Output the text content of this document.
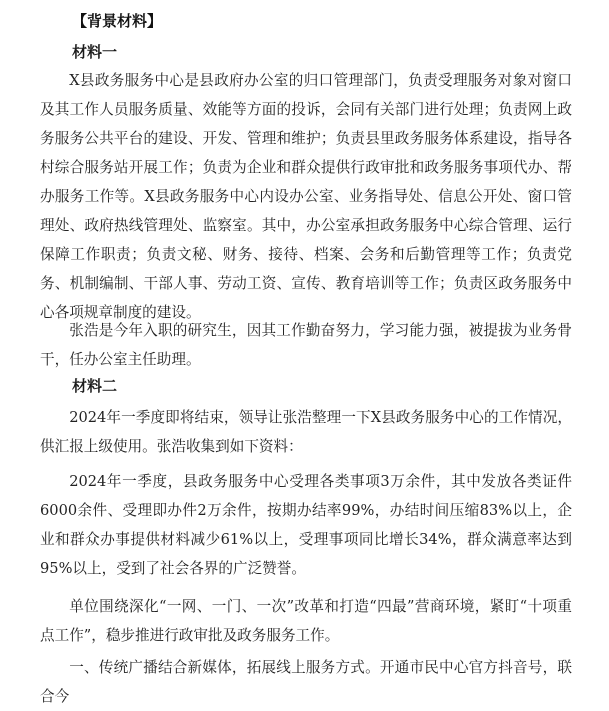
【背景材料】
材料一

X县政务服务中心是县政府办公室的归口管理部门，负责受理服务对象对窗口及其工作人员服务质量、效能等方面的投诉，会同有关部门进行处理；负责网上政务服务公共平台的建设、开发、管理和维护；负责县里政务服务体系建设，指导各村综合服务站开展工作；负责为企业和群众提供行政审批和政务服务事项代办、帮办服务工作等。X县政务服务中心内设办公室、业务指导处、信息公开处、窗口管理处、政府热线管理处、监察室。其中，办公室承担政务服务中心综合管理、运行保障工作职责；负责文秘、财务、接待、档案、会务和后勤管理等工作；负责党务、机制编制、干部人事、劳动工资、宣传、教育培训等工作；负责区政务服务中心各项规章制度的建设。

张浩是今年入职的研究生，因其工作勤奋努力，学习能力强，被提拔为业务骨干，任办公室主任助理。

材料二

2024年一季度即将结束，领导让张浩整理一下X县政务服务中心的工作情况，供汇报上级使用。张浩收集到如下资料：

2024年一季度，县政务服务中心受理各类事项3万余件，其中发放各类证件6000余件、受理即办件2万余件，按期办结率99%，办结时间压缩83%以上，企业和群众办事提供材料减少61%以上，受理事项同比增长34%，群众满意率达到95%以上，受到了社会各界的广泛赞誉。

单位围绕深化“一网、一门、一次”改革和打造“四最”营商环境，紧盯“十项重点工作”，稳步推进行政审批及政务服务工作。

一、传统广播结合新媒体，拓展线上服务方式。开通市民中心官方抖音号，联合今
